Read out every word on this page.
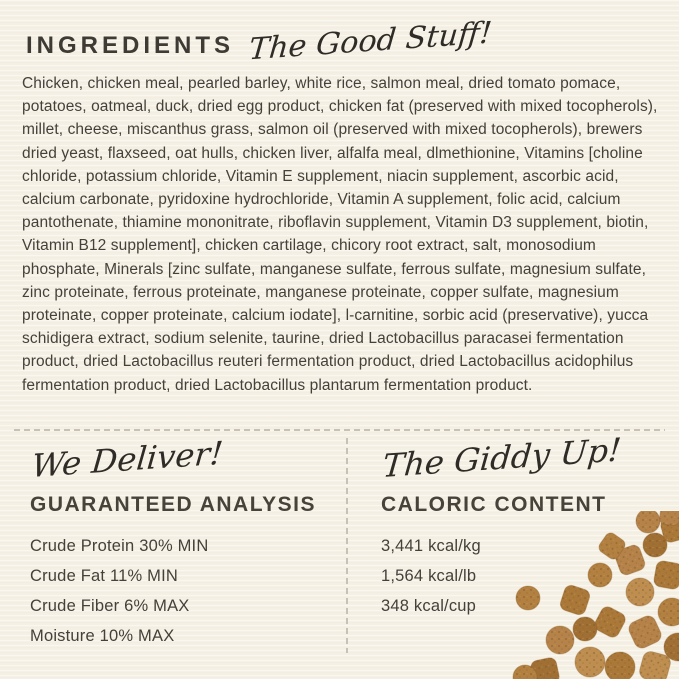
INGREDIENTS The Good Stuff!

Chicken, chicken meal, pearled barley, white rice, salmon meal, dried tomato pomace, potatoes, oatmeal, duck, dried egg product, chicken fat (preserved with mixed tocopherols), millet, cheese, miscanthus grass, salmon oil (preserved with mixed tocopherols), brewers dried yeast, flaxseed, oat hulls, chicken liver, alfalfa meal, dlmethionine, Vitamins [choline chloride, potassium chloride, Vitamin E supplement, niacin supplement, ascorbic acid, calcium carbonate, pyridoxine hydrochloride, Vitamin A supplement, folic acid, calcium pantothenate, thiamine mononitrate, riboflavin supplement, Vitamin D3 supplement, biotin, Vitamin B12 supplement], chicken cartilage, chicory root extract, salt, monosodium phosphate, Minerals [zinc sulfate, manganese sulfate, ferrous sulfate, magnesium sulfate, zinc proteinate, ferrous proteinate, manganese proteinate, copper sulfate, magnesium proteinate, copper proteinate, calcium iodate], l-carnitine, sorbic acid (preservative), yucca schidigera extract, sodium selenite, taurine, dried Lactobacillus paracasei fermentation product, dried Lactobacillus reuteri fermentation product, dried Lactobacillus acidophilus fermentation product, dried Lactobacillus plantarum fermentation product.

We Deliver!
GUARANTEED ANALYSIS
Crude Protein 30% MIN
Crude Fat 11% MIN
Crude Fiber 6% MAX
Moisture 10% MAX
The Giddy Up!
CALORIC CONTENT
3,441 kcal/kg
1,564 kcal/lb
348 kcal/cup
